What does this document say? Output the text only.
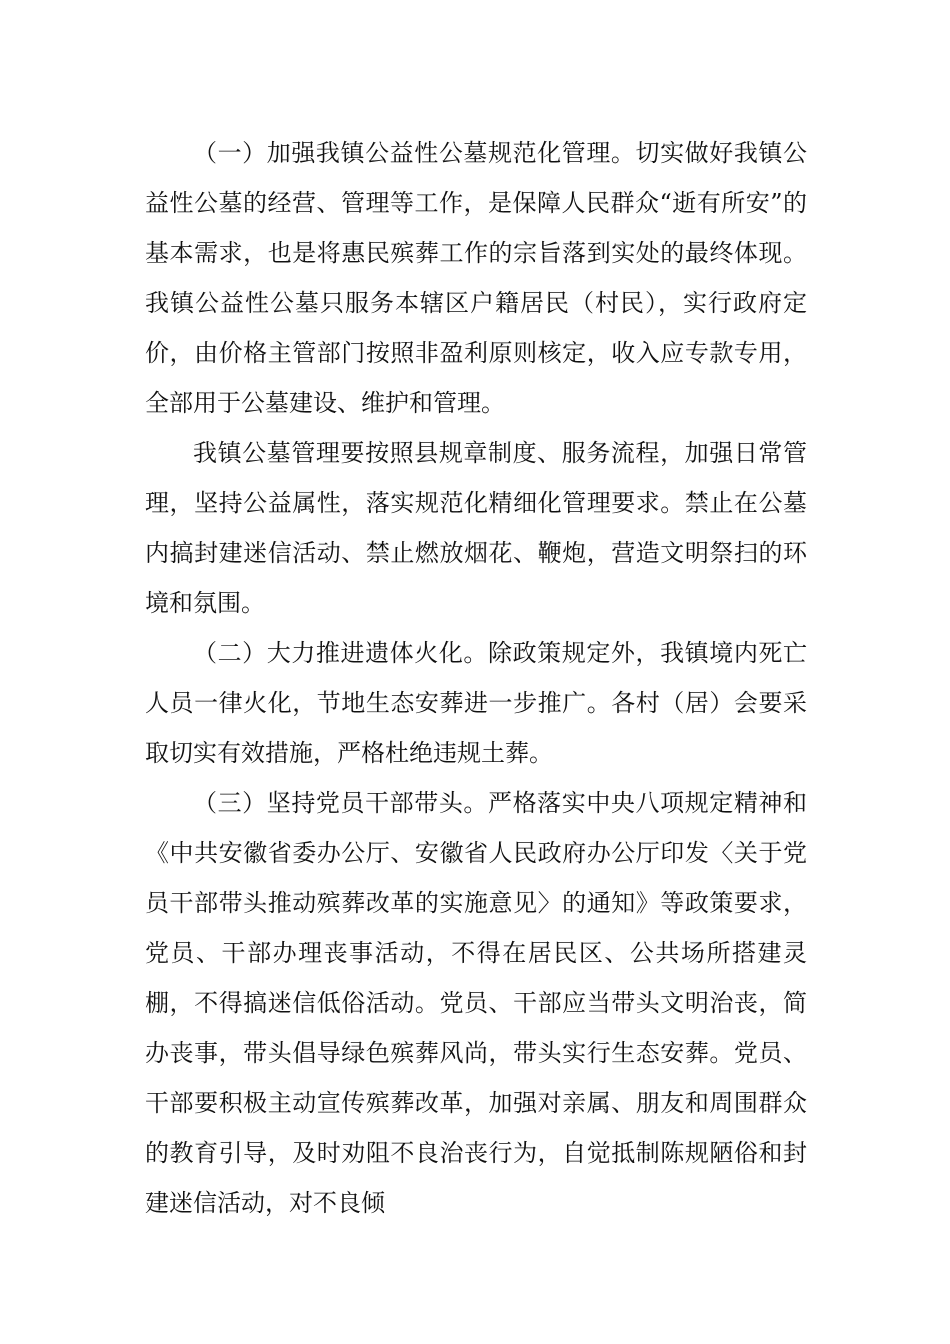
（一）加强我镇公益性公墓规范化管理。切实做好我镇公益性公墓的经营、管理等工作，是保障人民群众“逝有所安”的基本需求，也是将惠民殡葬工作的宗旨落到实处的最终体现。我镇公益性公墓只服务本辖区户籍居民（村民），实行政府定价，由价格主管部门按照非盈利原则核定，收入应专款专用，全部用于公墓建设、维护和管理。

我镇公墓管理要按照县规章制度、服务流程，加强日常管理，坚持公益属性，落实规范化精细化管理要求。禁止在公墓内搞封建迷信活动、禁止燃放烟花、鞭炮，营造文明祭扫的环境和氛围。

（二）大力推进遗体火化。除政策规定外，我镇境内死亡人员一律火化，节地生态安葬进一步推广。各村（居）会要采取切实有效措施，严格杜绝违规土葬。

（三）坚持党员干部带头。严格落实中央八项规定精神和《中共安徽省委办公厅、安徽省人民政府办公厅印发〈关于党员干部带头推动殡葬改革的实施意见〉的通知》等政策要求，党员、干部办理丧事活动，不得在居民区、公共场所搭建灵棚，不得搞迷信低俗活动。党员、干部应当带头文明治丧，简办丧事，带头倡导绿色殡葬风尚，带头实行生态安葬。党员、干部要积极主动宣传殡葬改革，加强对亲属、朋友和周围群众的教育引导，及时劝阻不良治丧行为，自觉抵制陈规陋俗和封建迷信活动，对不良倾
